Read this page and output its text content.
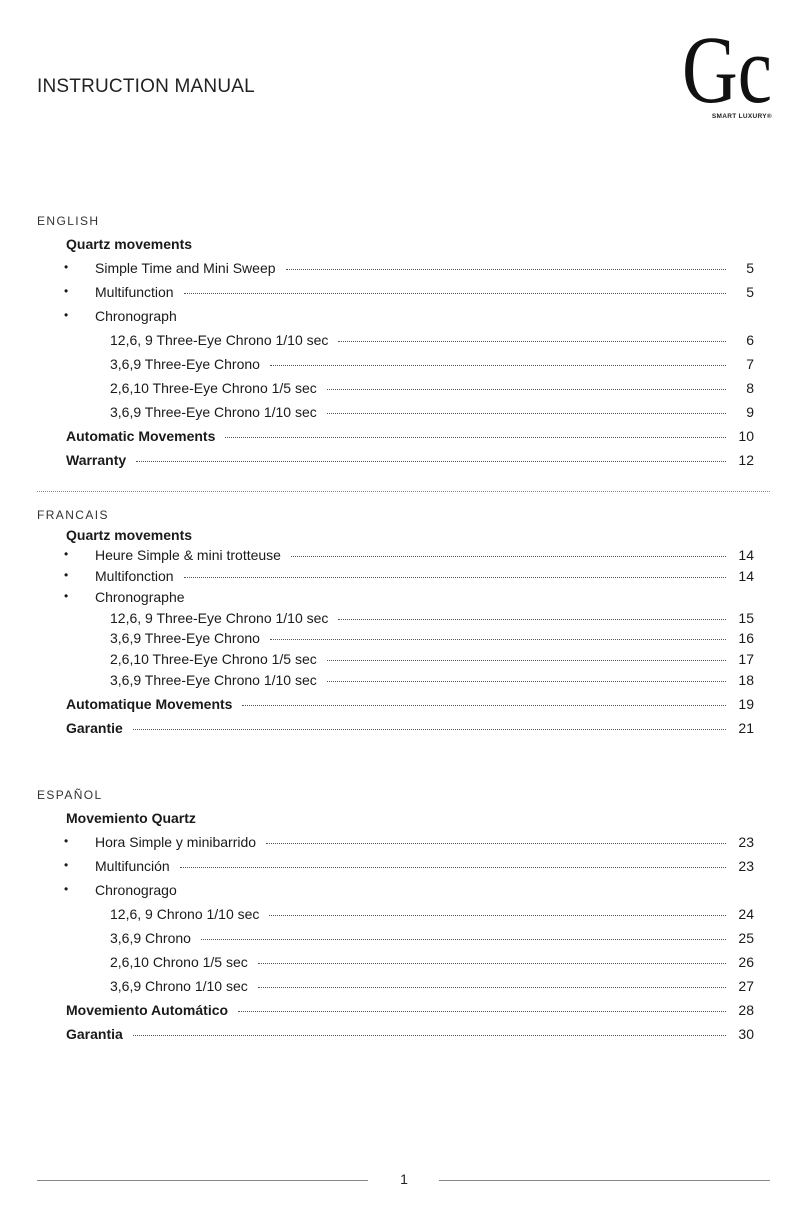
INSTRUCTION MANUAL	Gc
SMART LUXURY®
ENGLISH
Quartz movements
• Simple Time and Mini Sweep	5
• Multifunction	5
• Chronograph
12,6, 9 Three-Eye Chrono 1/10 sec	6
3,6,9 Three-Eye Chrono	7
2,6,10 Three-Eye Chrono 1/5 sec	8
3,6,9 Three-Eye Chrono 1/10 sec	9
Automatic Movements	10
Warranty	12
FRANCAIS
Quartz movements
• Heure Simple & mini trotteuse	14
• Multifonction	14
• Chronographe
12,6, 9 Three-Eye Chrono 1/10 sec	15
3,6,9 Three-Eye Chrono	16
2,6,10 Three-Eye Chrono 1/5 sec	17
3,6,9 Three-Eye Chrono 1/10 sec	18
Automatique Movements	19
Garantie	21
ESPAÑOL
Movemiento Quartz
• Hora Simple y minibarrido	23
• Multifunción	23
• Chronogrago
12,6, 9 Chrono 1/10 sec	24
3,6,9 Chrono	25
2,6,10 Chrono 1/5 sec	26
3,6,9 Chrono 1/10 sec	27
Movemiento Automático	28
Garantia	30
1
